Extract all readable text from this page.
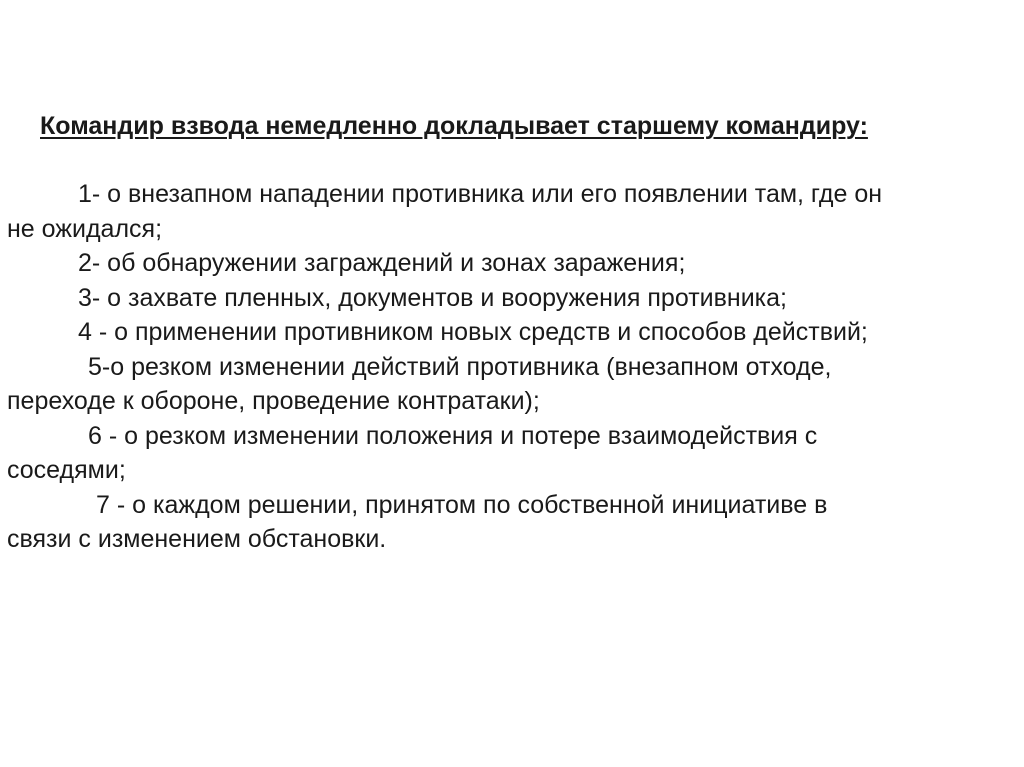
Командир взвода немедленно докладывает старшему командиру:
1- о внезапном нападении противника или его появлении там, где он
не ожидался;
2- об обнаружении заграждений и зонах заражения;
3- о захвате пленных, документов и вооружения противника;
4 - о применении противником новых средств и способов действий;
5-о резком изменении действий противника (внезапном отходе,
переходе к обороне, проведение контратаки);
6 - о резком изменении положения и потере взаимодействия с
соседями;
7 - о каждом решении, принятом по собственной инициативе в
связи с изменением обстановки.
